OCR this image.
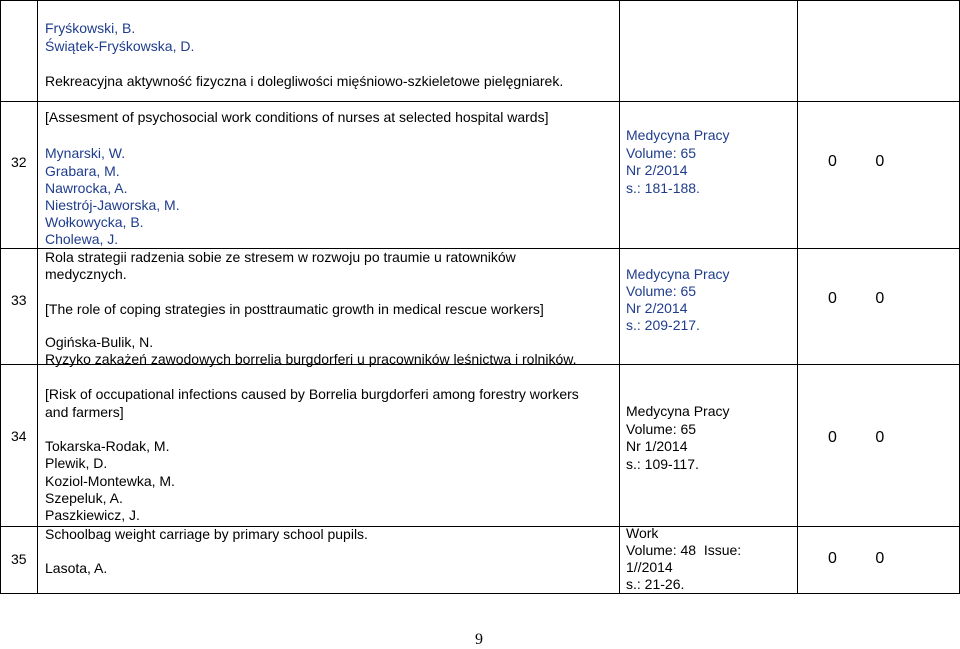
Fryśkowski, B.
Świątek-Fryśkowska, D.
Rekreacyjna aktywność fizyczna i dolegliwości mięśniowo-szkieletowe pielęgniarek.
32
[Assesment of psychosocial work conditions of nurses at selected hospital wards]
Mynarski, W.
Grabara, M.
Nawrocka, A.
Niestrój-Jaworska, M.
Wołkowycka, B.
Medycyna Pracy
Volume: 65
Nr 2/2014
s.: 181-188.
0 0
Cholewa, J.
33
Rola strategii radzenia sobie ze stresem w rozwoju po traumie u ratowników
medycznych.
[The role of coping strategies in posttraumatic growth in medical rescue workers]
Ogińska-Bulik, N.
Medycyna Pracy
Volume: 65
Nr 2/2014
s.: 209-217.
0 0
Ryzyko zakażeń zawodowych borrelia burgdorferi u pracowników leśnictwa i rolników.
34
[Risk of occupational infections caused by Borrelia burgdorferi among forestry workers
and farmers]
Tokarska-Rodak, M.
Plewik, D.
Koziol-Montewka, M.
Szepeluk, A.
Paszkiewicz, J.
Medycyna Pracy
Volume: 65
Nr 1/2014
s.: 109-117.
0 0
35
Schoolbag weight carriage by primary school pupils.
Lasota, A.
Work
Volume: 48  Issue:
1//2014
s.: 21-26.
0 0
9
